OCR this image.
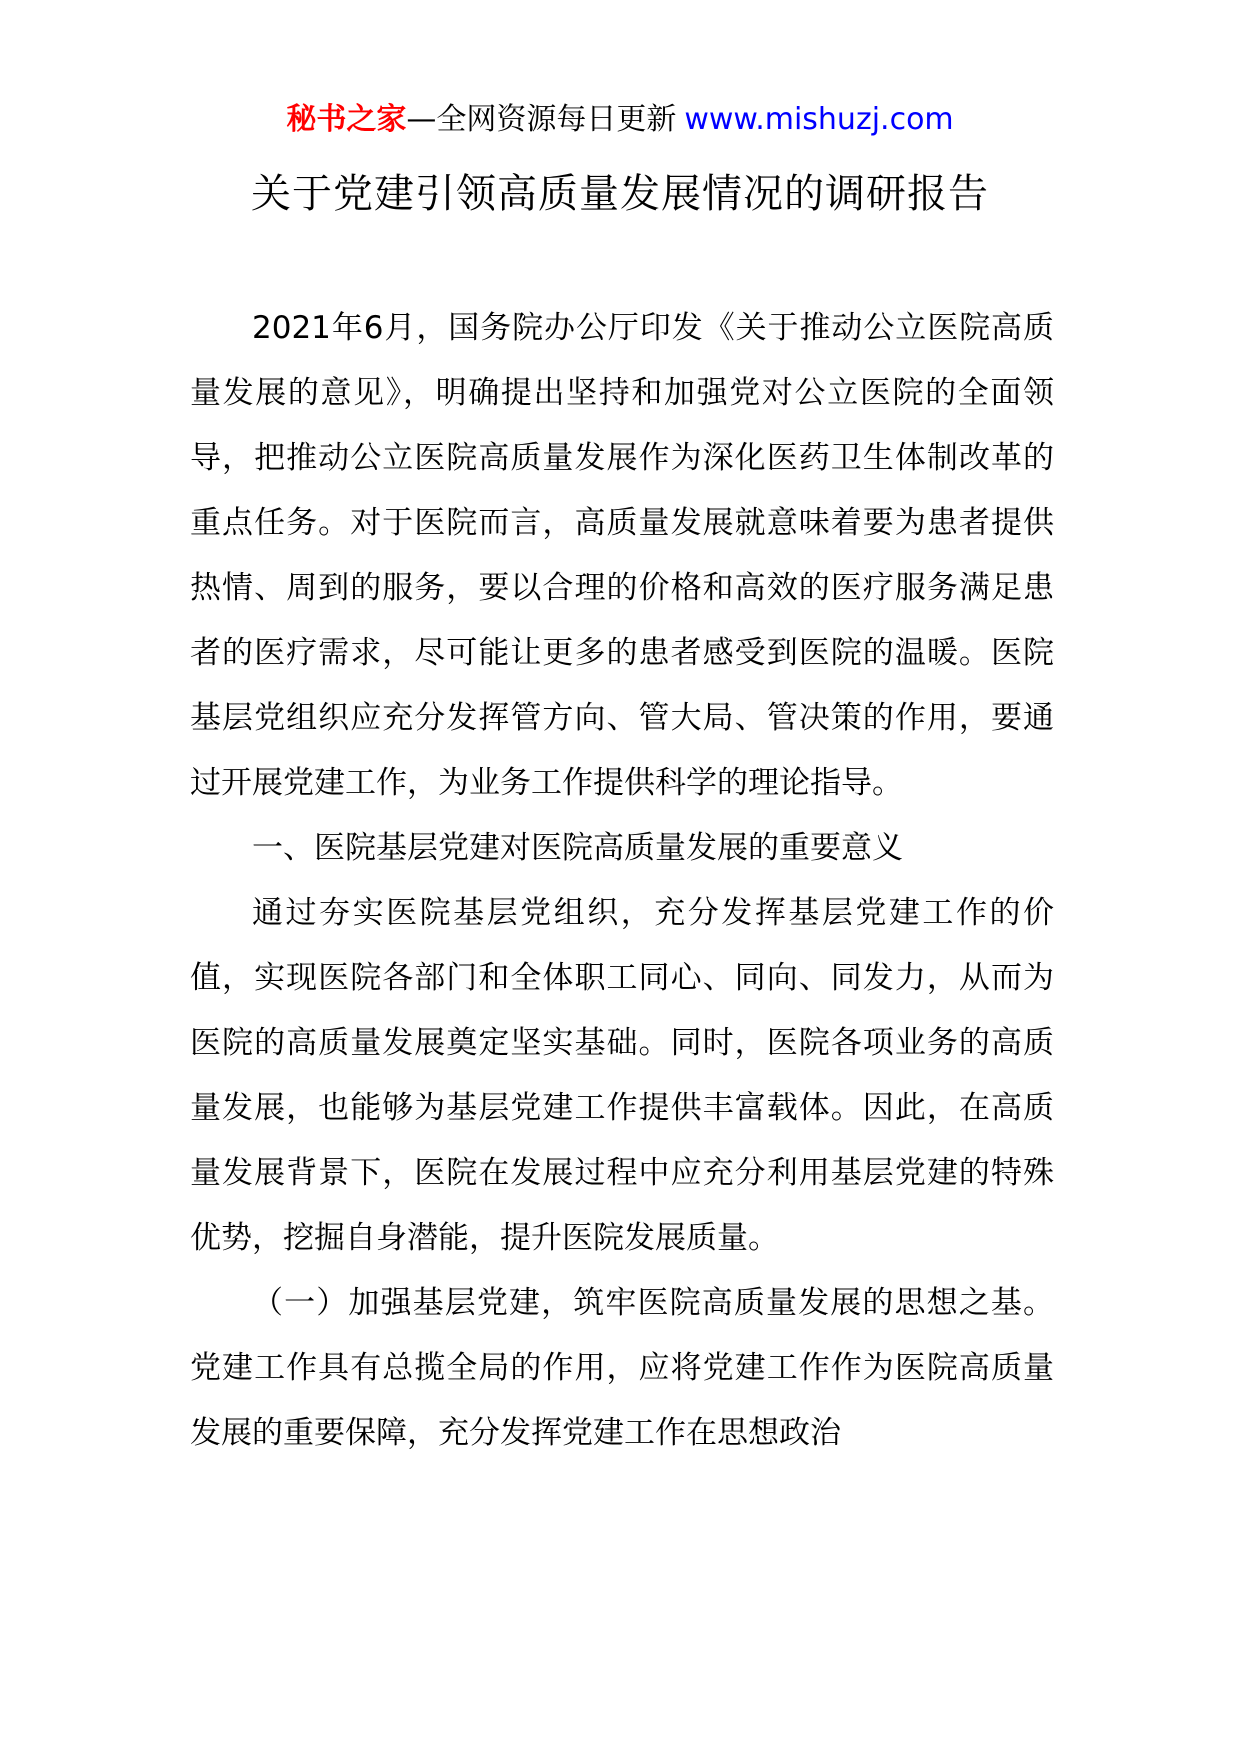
秘书之家—全网资源每日更新 www.mishuzj.com
关于党建引领高质量发展情况的调研报告

2021年6月，国务院办公厅印发《关于推动公立医院高质量发展的意见》，明确提出坚持和加强党对公立医院的全面领导，把推动公立医院高质量发展作为深化医药卫生体制改革的重点任务。对于医院而言，高质量发展就意味着要为患者提供热情、周到的服务，要以合理的价格和高效的医疗服务满足患者的医疗需求，尽可能让更多的患者感受到医院的温暖。医院基层党组织应充分发挥管方向、管大局、管决策的作用，要通过开展党建工作，为业务工作提供科学的理论指导。

一、医院基层党建对医院高质量发展的重要意义

通过夯实医院基层党组织，充分发挥基层党建工作的价值，实现医院各部门和全体职工同心、同向、同发力，从而为医院的高质量发展奠定坚实基础。同时，医院各项业务的高质量发展，也能够为基层党建工作提供丰富载体。因此，在高质量发展背景下，医院在发展过程中应充分利用基层党建的特殊优势，挖掘自身潜能，提升医院发展质量。

（一）加强基层党建，筑牢医院高质量发展的思想之基。党建工作具有总揽全局的作用，应将党建工作作为医院高质量发展的重要保障，充分发挥党建工作在思想政治
